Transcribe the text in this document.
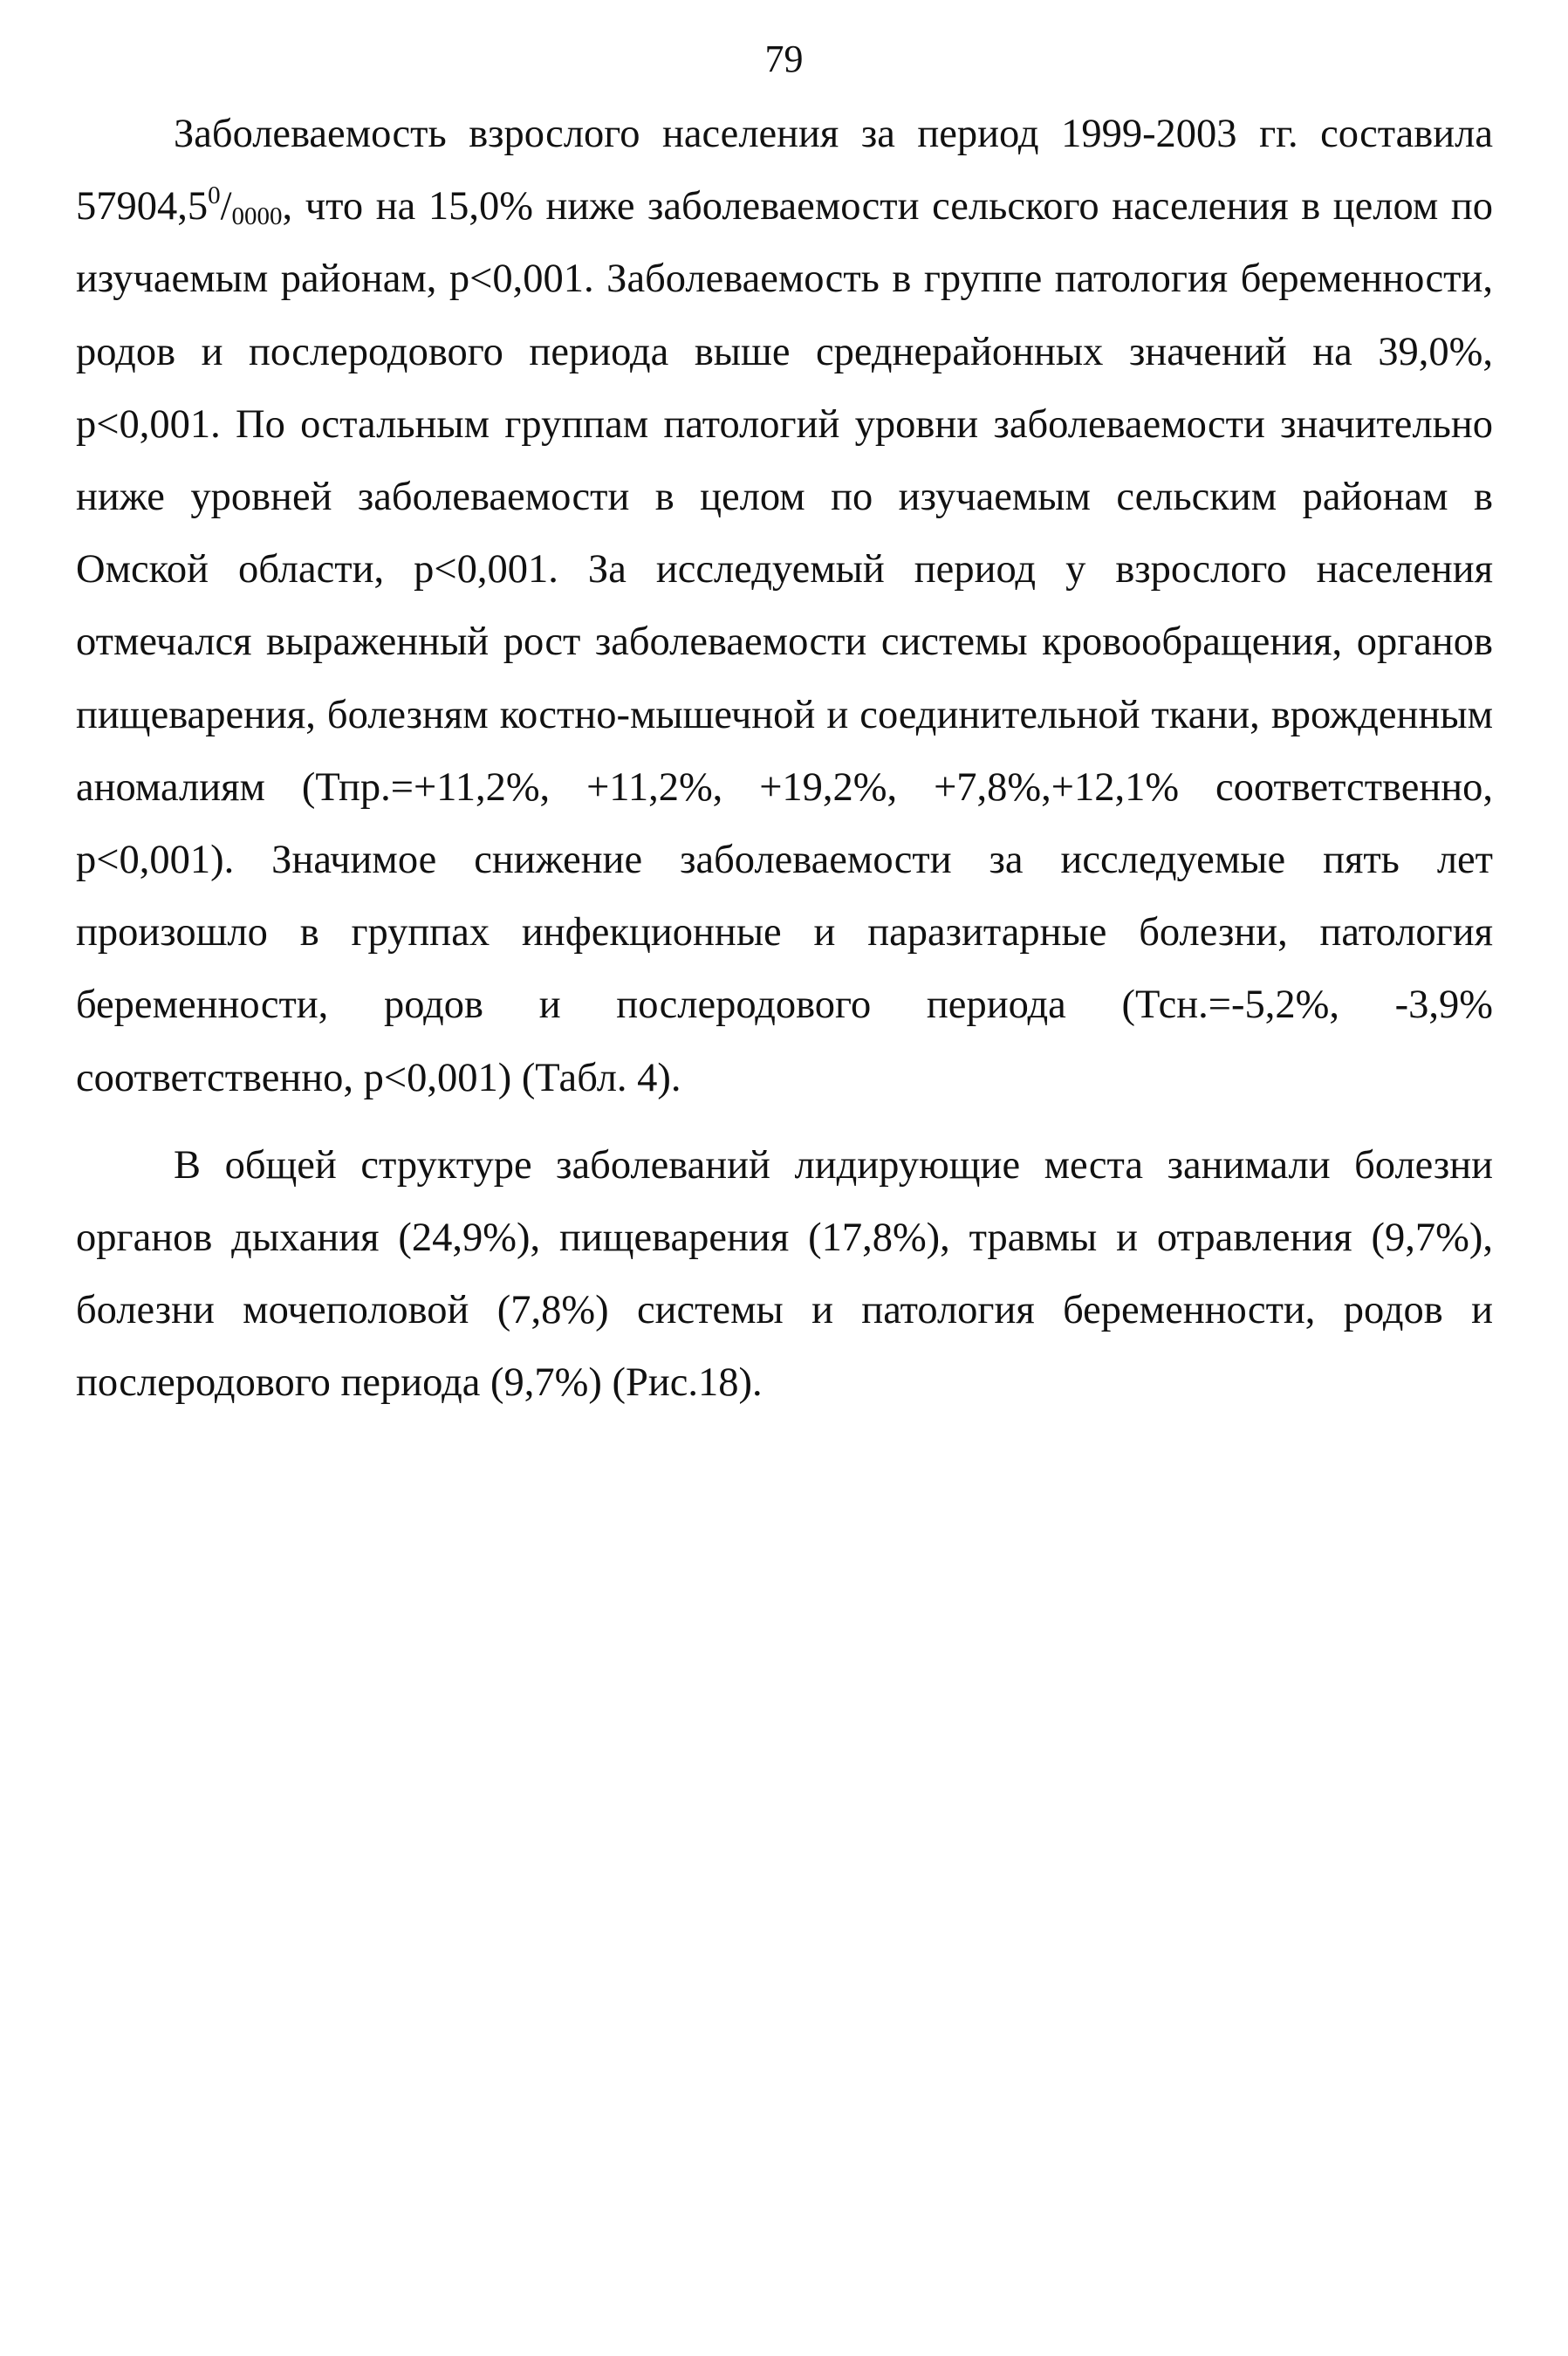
79

Заболеваемость взрослого населения за период 1999-2003 гг. составила $57904,5^0/_{0000}$, что на 15,0% ниже заболеваемости сельского населения в целом по изучаемым районам, р<0,001. Заболеваемость в группе патология беременности, родов и послеродового периода выше среднерайонных значений на 39,0%, р<0,001. По остальным группам патологий уровни заболеваемости значительно ниже уровней заболеваемости в целом по изучаемым сельским районам в Омской области, р<0,001. За исследуемый период у взрослого населения отмечался выраженный рост заболеваемости системы кровообращения, органов пищеварения, болезням костно-мышечной и соединительной ткани, врожденным аномалиям (Тпр.=+11,2%, +11,2%, +19,2%, +7,8%,+12,1% соответственно, р<0,001). Значимое снижение заболеваемости за исследуемые пять лет произошло в группах инфекционные и паразитарные болезни, патология беременности, родов и послеродового периода (Тсн.=-5,2%, -3,9% соответственно, р<0,001) (Табл. 4).

В общей структуре заболеваний лидирующие места занимали болезни органов дыхания (24,9%), пищеварения (17,8%), травмы и отравления (9,7%), болезни мочеполовой (7,8%) системы и патология беременности, родов и послеродового периода (9,7%) (Рис.18).
